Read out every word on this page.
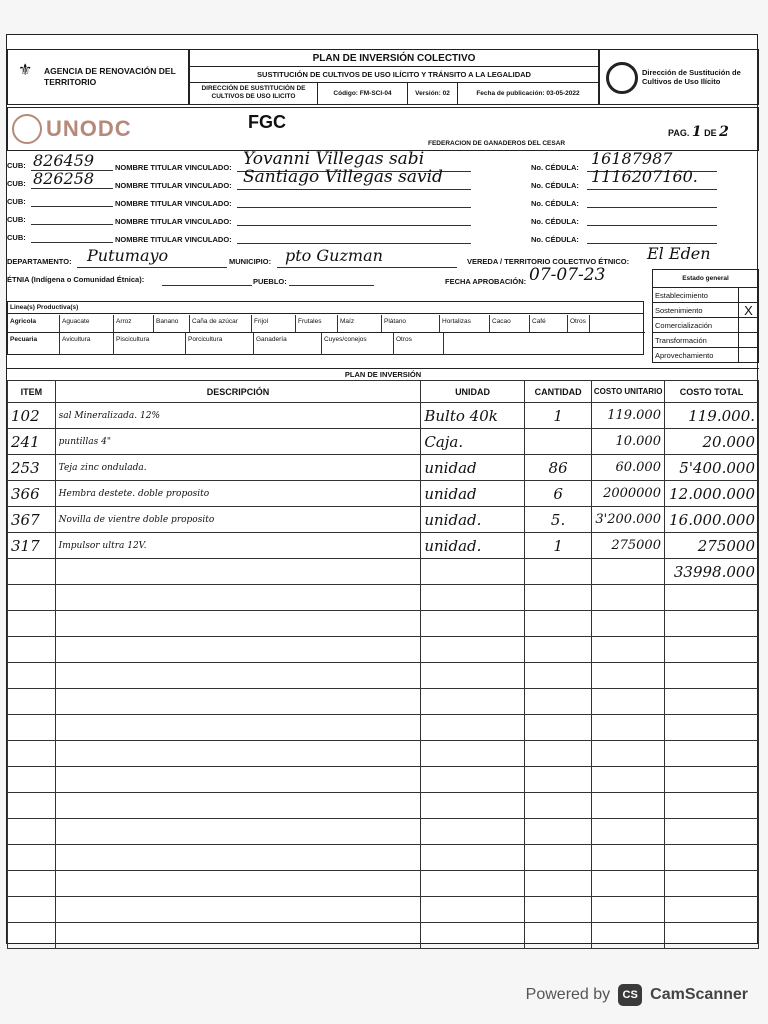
⚜ AGENCIA DE RENOVACIÓN DEL TERRITORIO
PLAN DE INVERSIÓN COLECTIVO
SUSTITUCIÓN DE CULTIVOS DE USO ILÍCITO Y TRÁNSITO A LA LEGALIDAD
DIRECCIÓN DE SUSTITUCIÓN DE CULTIVOS DE USO ILICITO	Código: FM-SCI-04	Versión: 02	Fecha de publicación: 03-05-2022
Dirección de Sustitución de Cultivos de Uso Ilícito
UNODC	FGC
FEDERACION DE GANADEROS DEL CESAR
PAG. 1 DE 2
CUB: 826459	NOMBRE TITULAR VINCULADO: Yovanni Villegas sabi	No. CÉDULA: 16187987
CUB: 826258	NOMBRE TITULAR VINCULADO: Santiago Villegas savid	No. CÉDULA: 1116207160.
CUB:	NOMBRE TITULAR VINCULADO:	No. CÉDULA:
CUB:	NOMBRE TITULAR VINCULADO:	No. CÉDULA:
CUB:	NOMBRE TITULAR VINCULADO:	No. CÉDULA:
DEPARTAMENTO: Putumayo	MUNICIPIO: pto Guzman	VEREDA / TERRITORIO COLECTIVO ÉTNICO: El Eden
ÉTNIA (Indígena o Comunidad Étnica):	PUEBLO:	FECHA APROBACIÓN: 07-07-23	Estado general
Establecimiento
Sostenimiento	X
Comercialización
Transformación
Aprovechamiento
Linea(s) Productiva(s)
Agricola	Aguacate	Arroz	Banano	Caña de azúcar	Frijol	Frutales	Maíz	Plátano	Hortalizas	Cacao	Café	Otros
Pecuaria	Avicultura	Piscicultura	Porcicultura	Ganadería	Cuyes/conejos	Otros
PLAN DE INVERSIÓN
ITEM	DESCRIPCIÓN	UNIDAD	CANTIDAD	COSTO UNITARIO	COSTO TOTAL
102	sal Mineralizada. 12%	Bulto 40k	1	119.000	119.000.
241	puntillas 4"	Caja.		10.000	20.000
253	Teja zinc ondulada.	unidad	86	60.000	5'400.000
366	Hembra destete. doble proposito	unidad	6	2000000	12.000.000
367	Novilla de vientre doble proposito	unidad.	5.	3'200.000	16.000.000
317	Impulsor ultra 12V.	unidad.	1	275000	275000
					33998.000

Powered by	CS CamScanner
